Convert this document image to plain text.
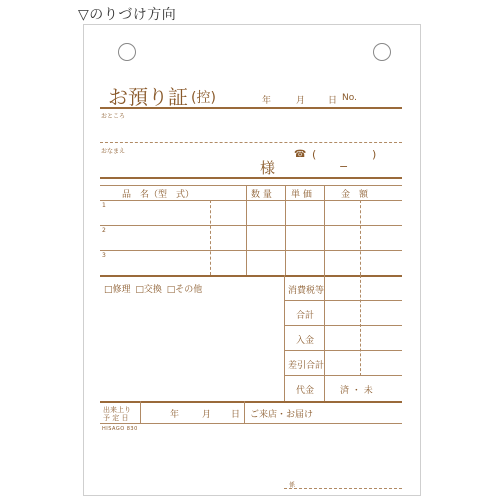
▽のりづけ方向
お預り証 (控)	年	月	日 No.
おところ
おなまえ
様
☎ (
−
)
品　名（型　式）	数 量 単 価	金　額
1
2
3
□修理 □交換 □その他	消費税等
合計
入金
差引合計
代金	済 ・ 未
出来上り
予 定 日	年	月 日 ご来店・お届け
HISAGO 830
係
